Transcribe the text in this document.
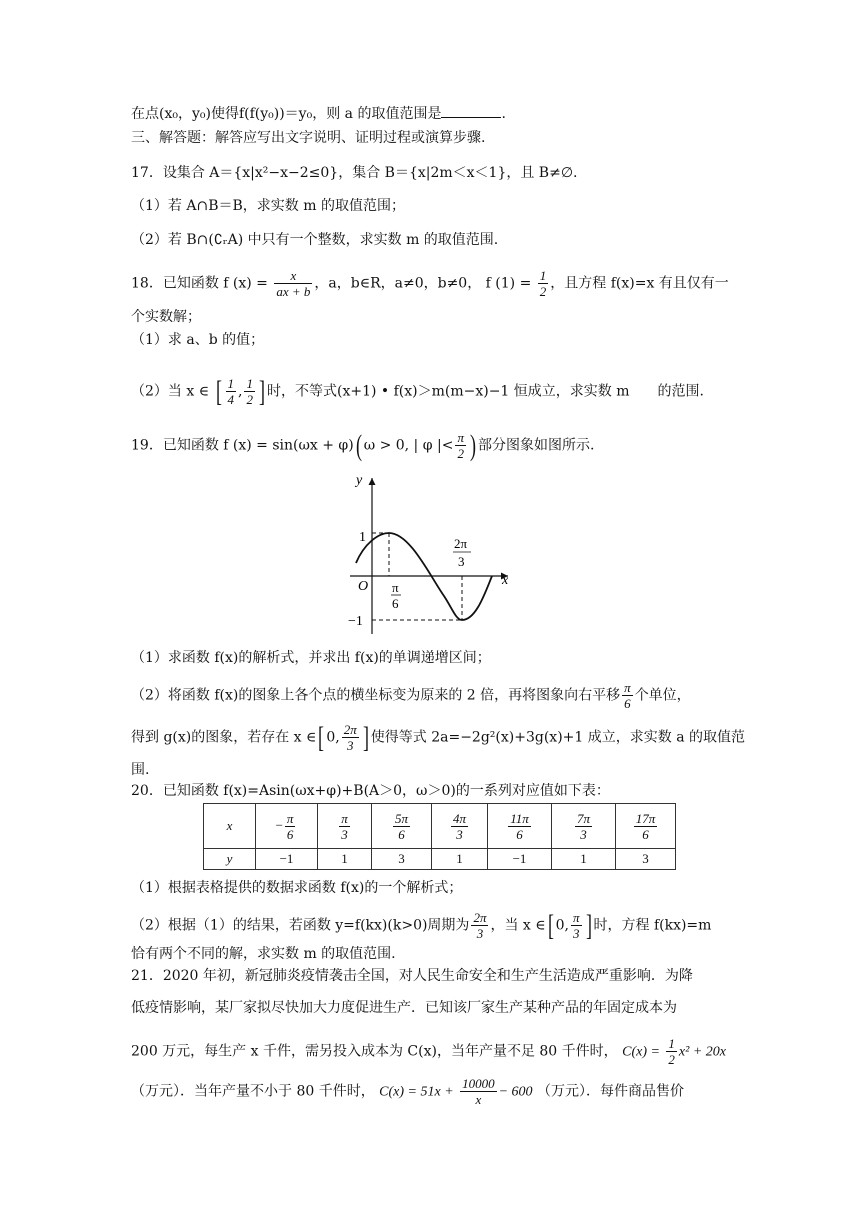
在点(x₀，y₀)使得f(f(y₀))＝y₀，则 a 的取值范围是	.
三、解答题：解答应写出文字说明、证明过程或演算步骤.
17．设集合 A＝{x|x²−x−2≤0}，集合 B＝{x|2m＜x＜1}，且 B≠∅.
（1）若 A∩B＝B，求实数 m 的取值范围；
（2）若 B∩(∁ᵣA) 中只有一个整数，求实数 m 的取值范围.
18．已知函数 f $(x) = \frac{x}{ax + b}$ ，a，b∈R，a≠0，b≠0， f $(1) = \frac{1}{2}$ ，且方程 f(x)=x 有且仅有一
个实数解；
（1）求 a、b 的值；
（2）当 x ∈ [ $\frac{1}{4}$ , $\frac{1}{2}$ ] 时，不等式(x+1) • f(x)＞m(m−x)−1 恒成立，求实数 m　　的范围.
19．已知函数 f (x) = sin(ωx + φ)( ω > 0, | φ |< $\frac{\pi}{2}$ ) 部分图象如图所示.
y
x
O
1
−1
π
6
2π
3
（1）求函数 f(x)的解析式，并求出 f(x)的单调递增区间；
（2）将函数 f(x)的图象上各个点的横坐标变为原来的 2 倍，再将图象向右平移 $\frac{\pi}{6}$ 个单位，
得到 g(x)的图象，若存在 x ∈[ 0, $\frac{2\pi}{3}$ ] 使得等式 2a=−2g²(x)+3g(x)+1 成立，求实数 a 的取值范
围.
20．已知函数 f(x)=Asin(ωx+φ)+B(A＞0，ω＞0)的一系列对应值如下表：
x	− $\frac{\pi}{6}$	$\frac{\pi}{3}$	$\frac{5\pi}{6}$	$\frac{4\pi}{3}$	$\frac{11\pi}{6}$	$\frac{7\pi}{3}$	$\frac{17\pi}{6}$

y	−1	1	3	1	−1	1	3
（1）根据表格提供的数据求函数 f(x)的一个解析式；
（2）根据（1）的结果，若函数 y=f(kx)(k>0)周期为 $\frac{2\pi}{3}$ ，当 x ∈[ 0, $\frac{\pi}{3}$ ] 时，方程 f(kx)=m
恰有两个不同的解，求实数 m 的取值范围.
21．2020 年初，新冠肺炎疫情袭击全国，对人民生命安全和生产生活造成严重影响．为降
低疫情影响，某厂家拟尽快加大力度促进生产．已知该厂家生产某种产品的年固定成本为
200 万元，每生产 x 千件，需另投入成本为 C(x)，当年产量不足 80 千件时， $C(x) = \frac{1}{2} x^2 + 20x$
（万元）．当年产量不小于 80 千件时， $C(x) = 51x + \frac{10000}{x} - 600$ （万元）．每件商品售价
